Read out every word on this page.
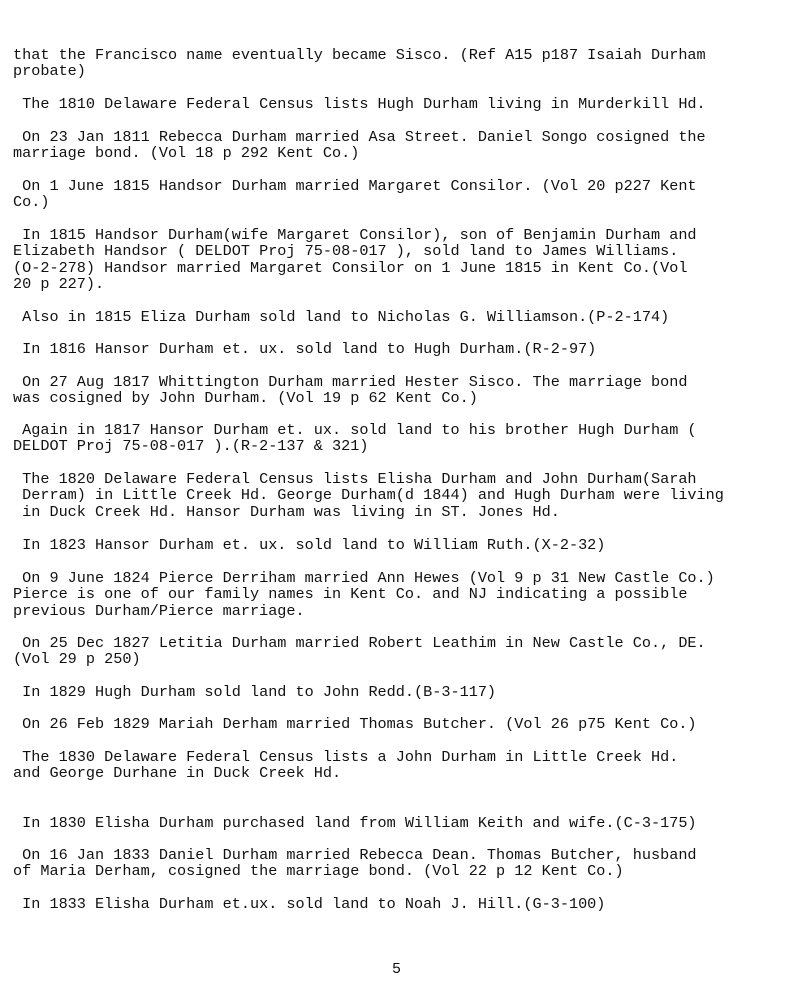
that the Francisco name eventually became Sisco. (Ref A15 p187 Isaiah Durham
probate)

The 1810 Delaware Federal Census lists Hugh Durham living in Murderkill Hd.

On 23 Jan 1811 Rebecca Durham married Asa Street. Daniel Songo cosigned the
marriage bond. (Vol 18 p 292 Kent Co.)

On 1 June 1815 Handsor Durham married Margaret Consilor. (Vol 20 p227 Kent
Co.)

In 1815 Handsor Durham(wife Margaret Consilor), son of Benjamin Durham and
Elizabeth Handsor ( DELDOT Proj 75-08-017 ), sold land to James Williams.
(O-2-278) Handsor married Margaret Consilor on 1 June 1815 in Kent Co.(Vol
20 p 227).

Also in 1815 Eliza Durham sold land to Nicholas G. Williamson.(P-2-174)

In 1816 Hansor Durham et. ux. sold land to Hugh Durham.(R-2-97)

On 27 Aug 1817 Whittington Durham married Hester Sisco. The marriage bond
was cosigned by John Durham. (Vol 19 p 62 Kent Co.)

Again in 1817 Hansor Durham et. ux. sold land to his brother Hugh Durham (
DELDOT Proj 75-08-017 ).(R-2-137 & 321)

The 1820 Delaware Federal Census lists Elisha Durham and John Durham(Sarah
Derram) in Little Creek Hd. George Durham(d 1844) and Hugh Durham were living
in Duck Creek Hd. Hansor Durham was living in ST. Jones Hd.

In 1823 Hansor Durham et. ux. sold land to William Ruth.(X-2-32)

On 9 June 1824 Pierce Derriham married Ann Hewes (Vol 9 p 31 New Castle Co.)
Pierce is one of our family names in Kent Co. and NJ indicating a possible
previous Durham/Pierce marriage.

On 25 Dec 1827 Letitia Durham married Robert Leathim in New Castle Co., DE.
(Vol 29 p 250)

In 1829 Hugh Durham sold land to John Redd.(B-3-117)

On 26 Feb 1829 Mariah Derham married Thomas Butcher. (Vol 26 p75 Kent Co.)

The 1830 Delaware Federal Census lists a John Durham in Little Creek Hd.
and George Durhane in Duck Creek Hd.

In 1830 Elisha Durham purchased land from William Keith and wife.(C-3-175)

On 16 Jan 1833 Daniel Durham married Rebecca Dean. Thomas Butcher, husband
of Maria Derham, cosigned the marriage bond. (Vol 22 p 12 Kent Co.)

In 1833 Elisha Durham et.ux. sold land to Noah J. Hill.(G-3-100)

5
